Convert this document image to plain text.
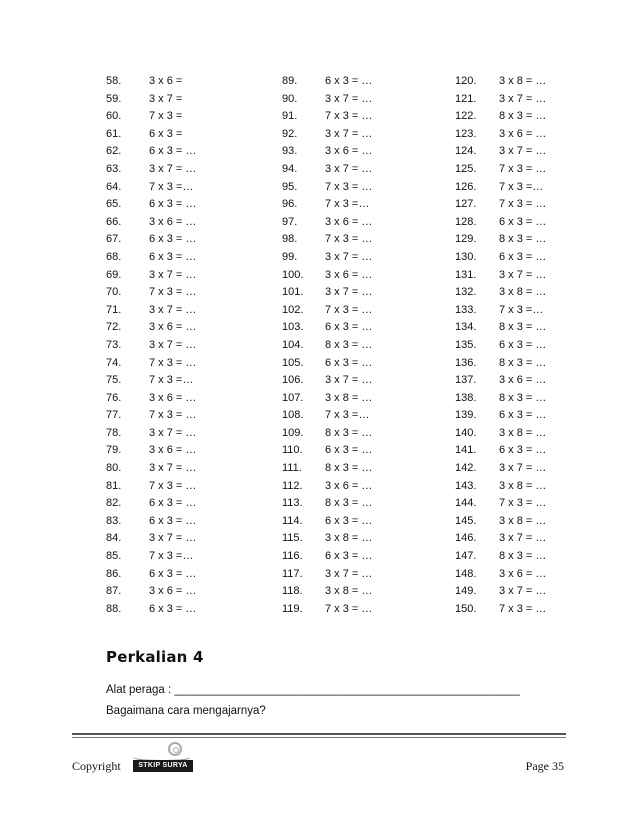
58.	3 x 6 =
59.	3 x 7 =
60.	7 x 3 =
61.	6 x 3 =
62.	6 x 3 = …
63.	3 x 7 = …
64.	7 x 3 =…
65.	6 x 3 = …
66.	3 x 6 = …
67.	6 x 3 = …
68.	6 x 3 = …
69.	3 x 7 = …
70.	7 x 3 = …
71.	3 x 7 = …
72.	3 x 6 = …
73.	3 x 7 = …
74.	7 x 3 = …
75.	7 x 3 =…
76.	3 x 6 = …
77.	7 x 3 = …
78.	3 x 7 = …
79.	3 x 6 = …
80.	3 x 7 = …
81.	7 x 3 = …
82.	6 x 3 = …
83.	6 x 3 = …
84.	3 x 7 = …
85.	7 x 3 =…
86.	6 x 3 = …
87.	3 x 6 = …
88.	6 x 3 = …
89.	6 x 3 = …
90.	3 x 7 = …
91.	7 x 3 = …
92.	3 x 7 = …
93.	3 x 6 = …
94.	3 x 7 = …
95.	7 x 3 = …
96.	7 x 3 =…
97.	3 x 6 = …
98.	7 x 3 = …
99.	3 x 7 = …
100. 3 x 6 = …
101. 3 x 7 = …
102. 7 x 3 = …
103. 6 x 3 = …
104. 8 x 3 = …
105. 6 x 3 = …
106. 3 x 7 = …
107. 3 x 8 = …
108. 7 x 3 =…
109. 8 x 3 = …
110. 6 x 3 = …
111. 8 x 3 = …
112. 3 x 6 = …
113. 8 x 3 = …
114. 6 x 3 = …
115. 3 x 8 = …
116. 6 x 3 = …
117. 3 x 7 = …
118. 3 x 8 = …
119. 7 x 3 = …
120. 3 x 8 = …
121. 3 x 7 = …
122. 8 x 3 = …
123. 3 x 6 = …
124. 3 x 7 = …
125. 7 x 3 = …
126. 7 x 3 =…
127. 7 x 3 = …
128. 6 x 3 = …
129. 8 x 3 = …
130. 6 x 3 = …
131. 3 x 7 = …
132. 3 x 8 = …
133. 7 x 3 =…
134. 8 x 3 = …
135. 6 x 3 = …
136. 8 x 3 = …
137. 3 x 6 = …
138. 8 x 3 = …
139. 6 x 3 = …
140. 3 x 8 = …
141. 6 x 3 = …
142. 3 x 7 = …
143. 3 x 8 = …
144. 7 x 3 = …
145. 3 x 8 = …
146. 3 x 7 = …
147. 8 x 3 = …
148. 3 x 6 = …
149. 3 x 7 = …
150. 7 x 3 = …
Perkalian 4
Alat peraga : ______________________________________________________
Bagaimana cara mengajarnya?
Copyright	STKIP SURYA	Page 35
